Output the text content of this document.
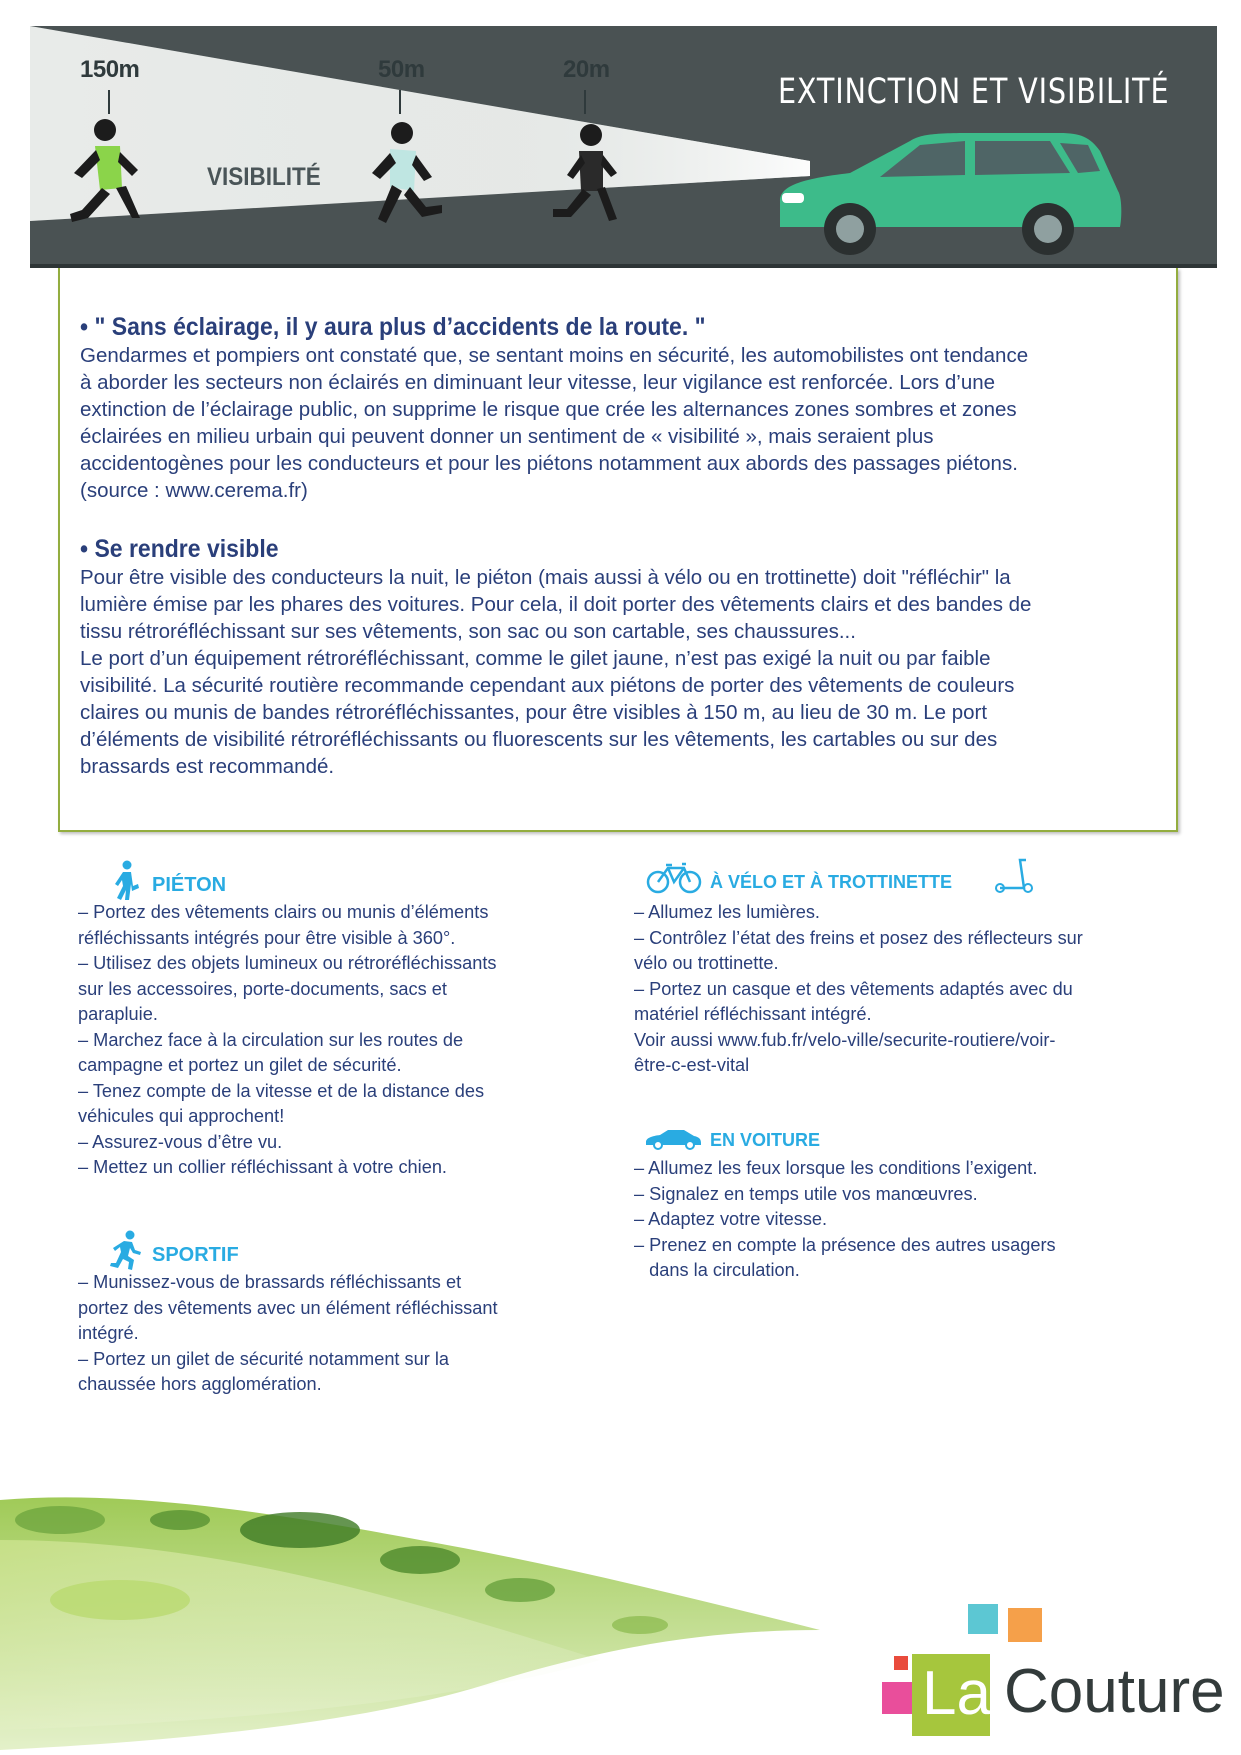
150m	50m	20m
VISIBILITÉ
EXTINCTION ET VISIBILITÉ
• " Sans éclairage, il y aura plus d’accidents de la route. "

Gendarmes et pompiers ont constaté que, se sentant moins en sécurité, les automobilistes ont tendance

à aborder les secteurs non éclairés en diminuant leur vitesse, leur vigilance est renforcée. Lors d’une

extinction de l’éclairage public, on supprime le risque que crée les alternances zones sombres et zones

éclairées en milieu urbain qui peuvent donner un sentiment de « visibilité », mais seraient plus

accidentogènes pour les conducteurs et pour les piétons notamment aux abords des passages piétons.

(source : www.cerema.fr)

• Se rendre visible

Pour être visible des conducteurs la nuit, le piéton (mais aussi à vélo ou en trottinette) doit "réfléchir" la

lumière émise par les phares des voitures. Pour cela, il doit porter des vêtements clairs et des bandes de

tissu rétroréfléchissant sur ses vêtements, son sac ou son cartable, ses chaussures...

Le port d’un équipement rétroréfléchissant, comme le gilet jaune, n’est pas exigé la nuit ou par faible

visibilité. La sécurité routière recommande cependant aux piétons de porter des vêtements de couleurs

claires ou munis de bandes rétroréfléchissantes, pour être visibles à 150 m, au lieu de 30 m. Le port

d’éléments de visibilité rétroréfléchissants ou fluorescents sur les vêtements, les cartables ou sur des

brassards est recommandé.

PIÉTON
– Portez des vêtements clairs ou munis d’éléments
réfléchissants intégrés pour être visible à 360°.
– Utilisez des objets lumineux ou rétroréfléchissants
sur les accessoires, porte-documents, sacs et
parapluie.
– Marchez face à la circulation sur les routes de
campagne et portez un gilet de sécurité.
– Tenez compte de la vitesse et de la distance des
véhicules qui approchent!
– Assurez-vous d’être vu.
– Mettez un collier réfléchissant à votre chien.
SPORTIF
– Munissez-vous de brassards réfléchissants et
portez des vêtements avec un élément réfléchissant
intégré.
– Portez un gilet de sécurité notamment sur la
chaussée hors agglomération.
À VÉLO ET À TROTTINETTE
– Allumez les lumières.
– Contrôlez l’état des freins et posez des réflecteurs sur
vélo ou trottinette.
– Portez un casque et des vêtements adaptés avec du
matériel réfléchissant intégré.
Voir aussi www.fub.fr/velo-ville/securite-routiere/voir-
être-c-est-vital
EN VOITURE
– Allumez les feux lorsque les conditions l’exigent.
– Signalez en temps utile vos manœuvres.
– Adaptez votre vitesse.
– Prenez en compte la présence des autres usagers
dans la circulation.
La Couture
